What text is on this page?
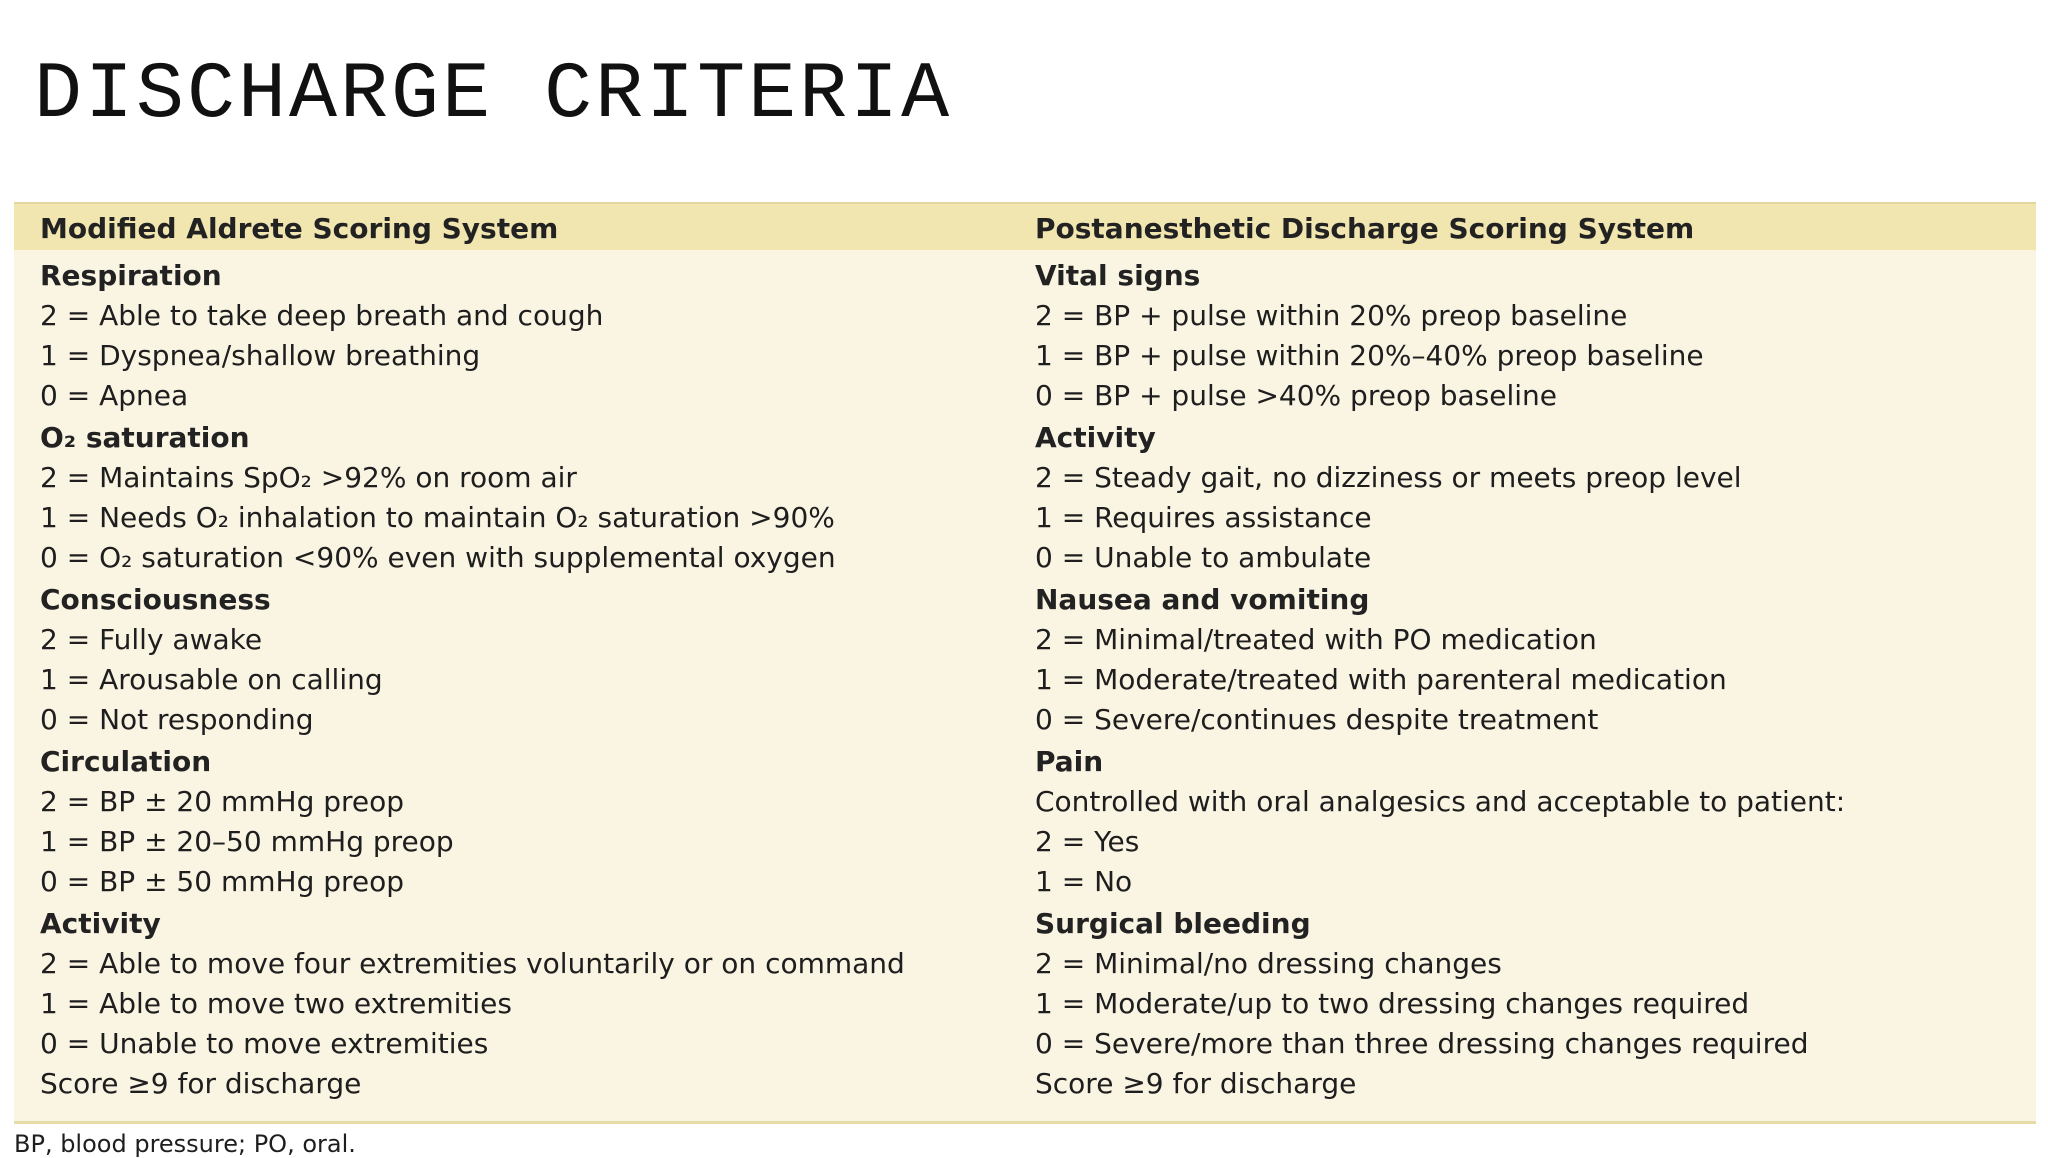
DISCHARGE CRITERIA
Modified Aldrete Scoring System	Postanesthetic Discharge Scoring System
Respiration
2 = Able to take deep breath and cough
1 = Dyspnea/shallow breathing
0 = Apnea
O₂ saturation
2 = Maintains SpO₂ >92% on room air
1 = Needs O₂ inhalation to maintain O₂ saturation >90%
0 = O₂ saturation <90% even with supplemental oxygen
Consciousness
2 = Fully awake
1 = Arousable on calling
0 = Not responding
Circulation
2 = BP ± 20 mmHg preop
1 = BP ± 20–50 mmHg preop
0 = BP ± 50 mmHg preop
Activity
2 = Able to move four extremities voluntarily or on command
1 = Able to move two extremities
0 = Unable to move extremities
Score ≥9 for discharge
Vital signs
2 = BP + pulse within 20% preop baseline
1 = BP + pulse within 20%–40% preop baseline
0 = BP + pulse >40% preop baseline
Activity
2 = Steady gait, no dizziness or meets preop level
1 = Requires assistance
0 = Unable to ambulate
Nausea and vomiting
2 = Minimal/treated with PO medication
1 = Moderate/treated with parenteral medication
0 = Severe/continues despite treatment
Pain
Controlled with oral analgesics and acceptable to patient:
2 = Yes
1 = No
Surgical bleeding
2 = Minimal/no dressing changes
1 = Moderate/up to two dressing changes required
0 = Severe/more than three dressing changes required
Score ≥9 for discharge
BP, blood pressure; PO, oral.
